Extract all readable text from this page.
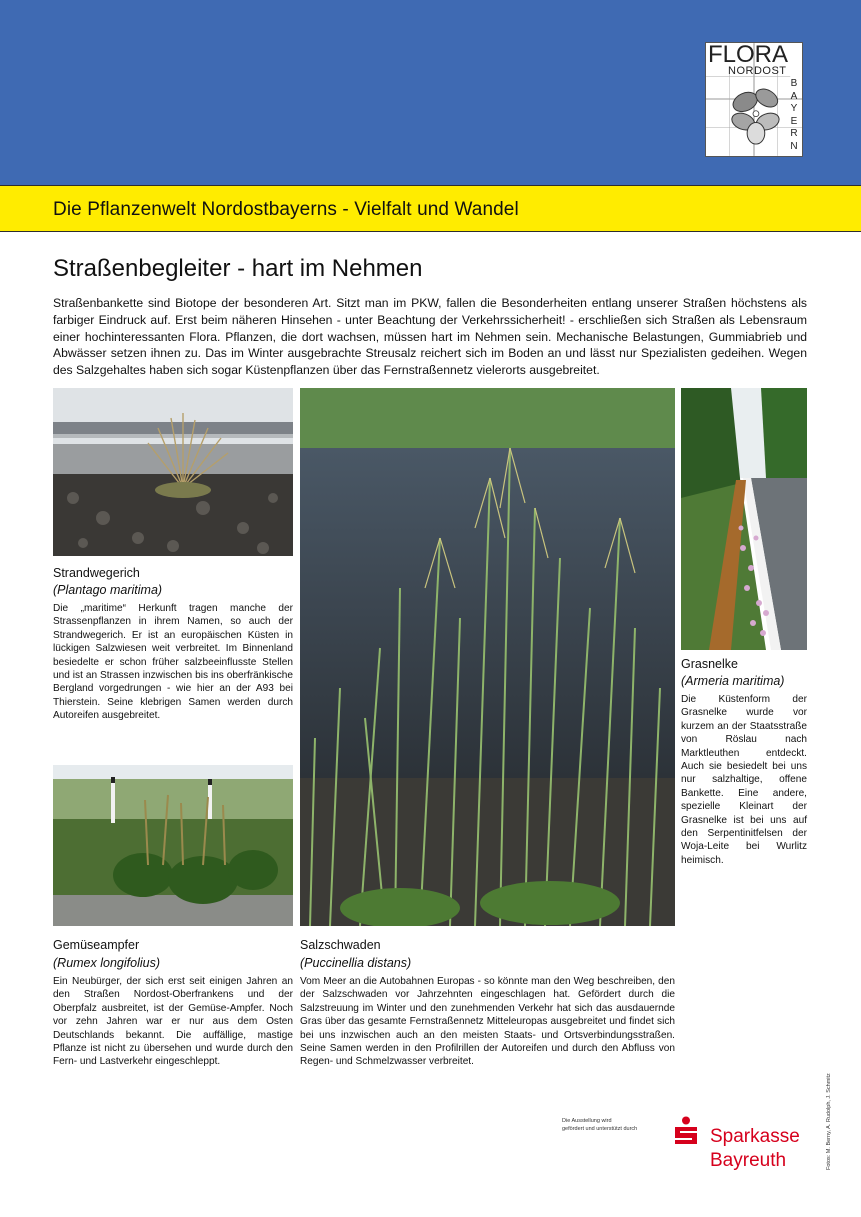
FLORA
NORDOST
B
A
Y
E
R
N
Die Pflanzenwelt Nordostbayerns - Vielfalt und Wandel
Straßenbegleiter - hart im Nehmen

Straßenbankette sind Biotope der besonderen Art. Sitzt man im PKW, fallen die Besonderheiten entlang unserer Straßen höchstens als farbiger Eindruck auf. Erst beim näheren Hinsehen - unter Beachtung der Verkehrssicherheit! - erschließen sich Straßen als Lebensraum einer hochinteressanten Flora. Pflanzen, die dort wachsen, müssen hart im Nehmen sein. Mechanische Belastungen, Gummiabrieb und Abwässer setzen ihnen zu. Das im Winter ausgebrachte Streusalz reichert sich im Boden an und lässt nur Spezialisten gedeihen. Wegen des Salzgehaltes haben sich sogar Küstenpflanzen über das Fernstraßennetz vielerorts ausgebreitet.

Strandwegerich
(Plantago maritima)

Die „maritime“ Herkunft tragen manche der Strassenpflanzen in ihrem Namen, so auch der Strandwegerich. Er ist an europäischen Küsten in lückigen Salzwiesen weit verbreitet. Im Binnenland besiedelte er schon früher salzbeeinflusste Stellen und ist an Strassen inzwischen bis ins oberfränkische Bergland vorgedrungen - wie hier an der A93 bei Thierstein. Seine klebrigen Samen werden durch Autoreifen ausgebreitet.

Gemüseampfer
(Rumex longifolius)

Ein Neubürger, der sich erst seit einigen Jahren an den Straßen Nordost-Oberfrankens und der Oberpfalz ausbreitet, ist der Gemüse-Ampfer. Noch vor zehn Jahren war er nur aus dem Osten Deutschlands bekannt. Die auffällige, mastige Pflanze ist nicht zu übersehen und wurde durch den Fern- und Lastverkehr eingeschleppt.

Salzschwaden
(Puccinellia distans)

Vom Meer an die Autobahnen Europas - so könnte man den Weg beschreiben, den der Salzschwaden vor Jahrzehnten eingeschlagen hat. Gefördert durch die Salzstreuung im Winter und den zunehmenden Verkehr hat sich das ausdauernde Gras über das gesamte Fernstraßennetz Mitteleuropas ausgebreitet und findet sich bei uns inzwischen auch an den meisten Staats- und Ortsverbindungsstraßen. Seine Samen werden in den Profilrillen der Autoreifen und durch den Abfluss von Regen- und Schmelzwasser verbreitet.

Grasnelke
(Armeria maritima)

Die Küstenform der Grasnelke wurde vor kurzem an der Staatsstraße von Röslau nach Marktleuthen entdeckt. Auch sie besiedelt bei uns nur salzhaltige, offene Bankette. Eine andere, spezielle Kleinart der Grasnelke ist bei uns auf den Serpentinitfelsen der Woja-Leite bei Wurlitz heimisch.

Die Ausstellung wird
gefördert und unterstützt durch	Sparkasse
Bayreuth	Fotos: M. Berny, A. Rudolph, J. Schmitz
